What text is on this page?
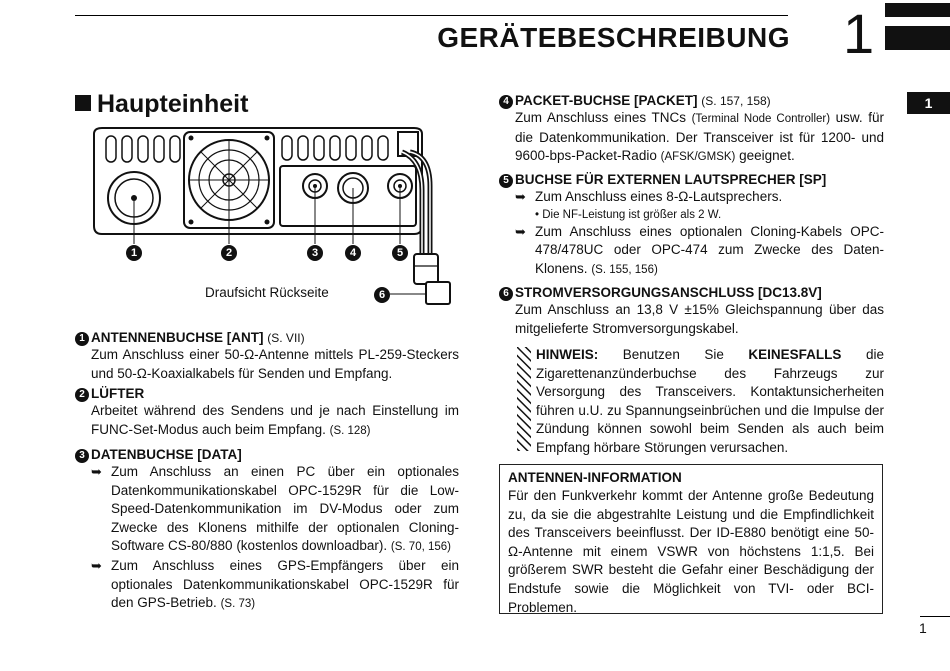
GERÄTEBESCHREIBUNG 1
1
Haupteinheit
1	2	3	4	5
6
Draufsicht Rückseite
1 ANTENNENBUCHSE [ANT] (S. VII)
Zum Anschluss einer 50-Ω-Antenne mittels PL-259-Steckers und 50-Ω-Koaxialkabels für Senden und Empfang.
2 LÜFTER
Arbeitet während des Sendens und je nach Einstellung im FUNC-Set-Modus auch beim Empfang. (S. 128)
3 DATENBUCHSE [DATA]
➥ Zum Anschluss an einen PC über ein optionales Datenkommunikationskabel OPC-1529R für die Low-Speed-Datenkommunikation im DV-Modus oder zum Zwecke des Klonens mithilfe der optionalen Cloning-Software CS-80/880 (kostenlos downloadbar). (S. 70, 156)
➥ Zum Anschluss eines GPS-Empfängers über ein optionales Datenkommunikationskabel OPC-1529R für den GPS-Betrieb. (S. 73)
4 PACKET-BUCHSE [PACKET] (S. 157, 158)
Zum Anschluss eines TNCs (Terminal Node Controller) usw. für die Datenkommunikation. Der Transceiver ist für 1200- und 9600-bps-Packet-Radio (AFSK/GMSK) geeignet.
5 BUCHSE FÜR EXTERNEN LAUTSPRECHER [SP]
➥ Zum Anschluss eines 8-Ω-Lautsprechers.
• Die NF-Leistung ist größer als 2 W.
➥ Zum Anschluss eines optionalen Cloning-Kabels OPC-478/478UC oder OPC-474 zum Zwecke des Daten-Klonens. (S. 155, 156)
6 STROMVERSORGUNGSANSCHLUSS [DC13.8V]
Zum Anschluss an 13,8 V ±15% Gleichspannung über das mitgelieferte Stromversorgungskabel.
HINWEIS: Benutzen Sie KEINESFALLS die Zigarettenanzünderbuchse des Fahrzeugs zur Versorgung des Transceivers. Kontaktunsicherheiten führen u.U. zu Spannungseinbrüchen und die Impulse der Zündung können sowohl beim Senden als auch beim Empfang hörbare Störungen verursachen.
ANTENNEN-INFORMATION
Für den Funkverkehr kommt der Antenne große Bedeutung zu, da sie die abgestrahlte Leistung und die Empfindlichkeit des Transceivers beeinflusst. Der ID-E880 benötigt eine 50-Ω-Antenne mit einem VSWR von höchstens 1:1,5. Bei größerem SWR besteht die Gefahr einer Beschädigung der Endstufe sowie die Möglichkeit von TVI- oder BCI-Problemen.
1
